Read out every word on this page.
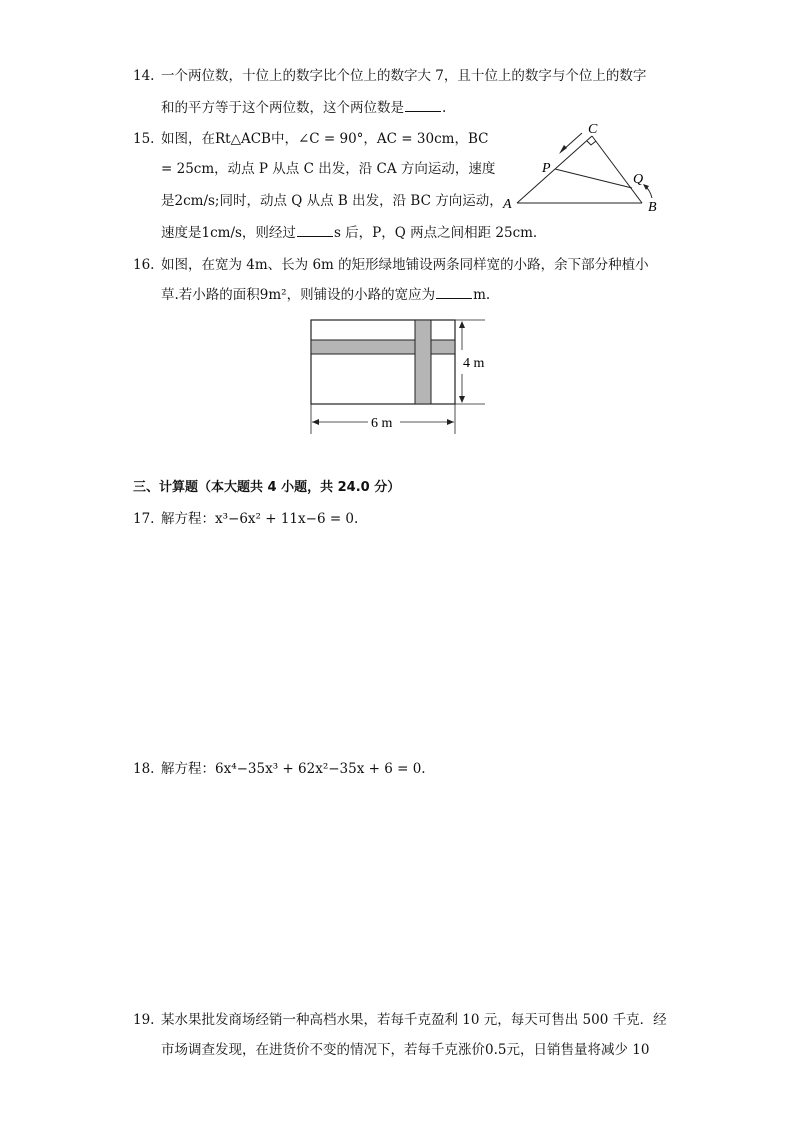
14. 一个两位数，十位上的数字比个位上的数字大 7，且十位上的数字与个位上的数字
和的平方等于这个两位数，这个两位数是	.
15. 如图，在Rt△ACB中，∠C = 90°，AC = 30cm，BC
= 25cm，动点 P 从点 C 出发，沿 CA 方向运动，速度
是2cm/s;同时，动点 Q 从点 B 出发，沿 BC 方向运动，
速度是1cm/s，则经过	s 后，P，Q 两点之间相距 25cm.
C
P
Q
A	B
16. 如图，在宽为 4m、长为 6m 的矩形绿地铺设两条同样宽的小路，余下部分种植小
草.若小路的面积9m²，则铺设的小路的宽应为	m.
4 m
6 m
三、计算题（本大题共 4 小题，共 24.0 分）
17. 解方程：x³−6x² + 11x−6 = 0.
18. 解方程：6x⁴−35x³ + 62x²−35x + 6 = 0.
19. 某水果批发商场经销一种高档水果，若每千克盈利 10 元，每天可售出 500 千克．经
市场调查发现，在进货价不变的情况下，若每千克涨价0.5元，日销售量将减少 10
